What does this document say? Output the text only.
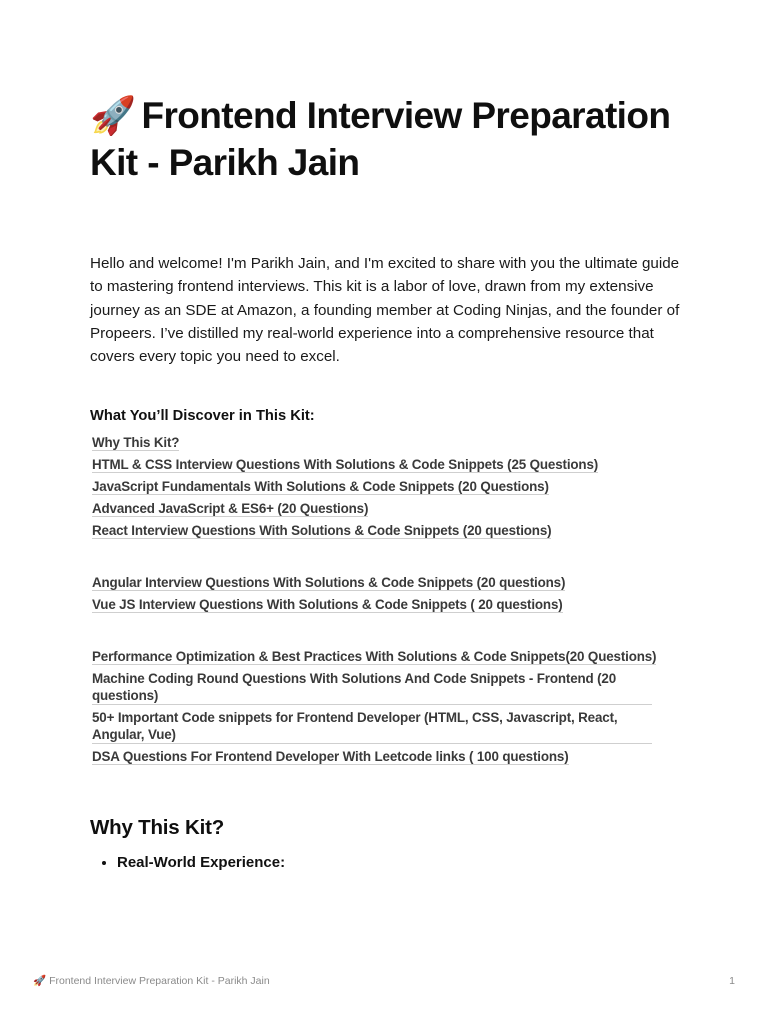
🚀 Frontend Interview Preparation Kit - Parikh Jain

Hello and welcome! I'm Parikh Jain, and I'm excited to share with you the ultimate guide to mastering frontend interviews. This kit is a labor of love, drawn from my extensive journey as an SDE at Amazon, a founding member at Coding Ninjas, and the founder of Propeers. I’ve distilled my real-world experience into a comprehensive resource that covers every topic you need to excel.

What You’ll Discover in This Kit:
Why This Kit?
HTML & CSS Interview Questions With Solutions & Code Snippets (25 Questions)
JavaScript Fundamentals With Solutions & Code Snippets (20 Questions)
Advanced JavaScript & ES6+ (20 Questions)
React Interview Questions With Solutions & Code Snippets (20 questions)
Angular Interview Questions With Solutions & Code Snippets (20 questions)
Vue JS Interview Questions With Solutions & Code Snippets ( 20 questions)
Performance Optimization & Best Practices With Solutions & Code Snippets(20 Questions)
Machine Coding Round Questions With Solutions And Code Snippets - Frontend (20 questions)
50+ Important Code snippets for Frontend Developer (HTML, CSS, Javascript, React, Angular, Vue)
DSA Questions For Frontend Developer With Leetcode links ( 100 questions)
Why This Kit?
• Real-World Experience:
🚀 Frontend Interview Preparation Kit - Parikh Jain	1
